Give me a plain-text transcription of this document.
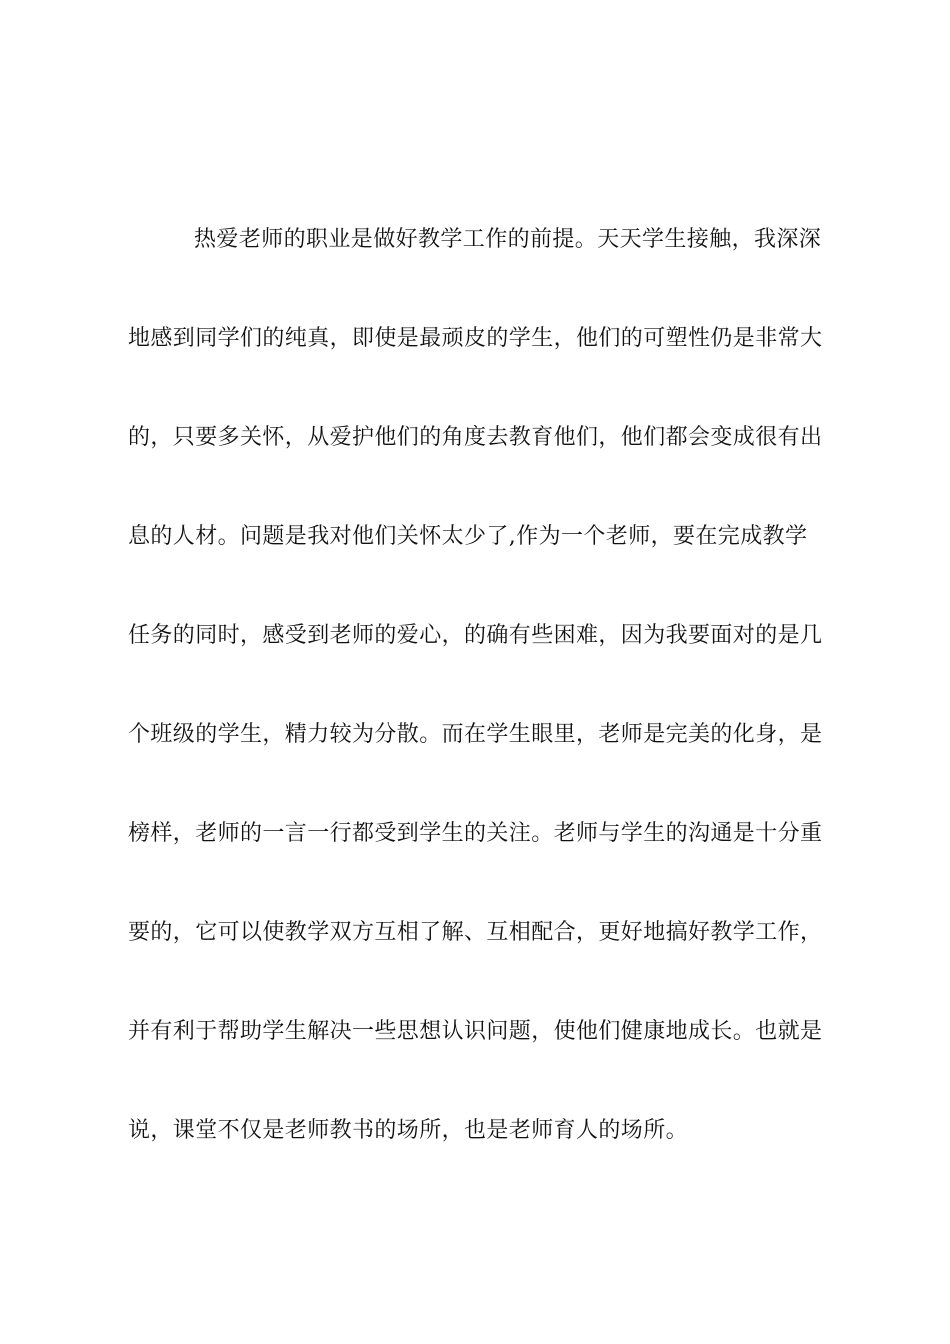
热爱老师的职业是做好教学工作的前提。天天学生接触，我深深
地感到同学们的纯真，即使是最顽皮的学生，他们的可塑性仍是非常大
的，只要多关怀，从爱护他们的角度去教育他们，他们都会变成很有出
息的人材。问题是我对他们关怀太少了,作为一个老师，要在完成教学
任务的同时，感受到老师的爱心，的确有些困难，因为我要面对的是几
个班级的学生，精力较为分散。而在学生眼里，老师是完美的化身，是
榜样，老师的一言一行都受到学生的关注。老师与学生的沟通是十分重
要的，它可以使教学双方互相了解、互相配合，更好地搞好教学工作，
并有利于帮助学生解决一些思想认识问题，使他们健康地成长。也就是
说，课堂不仅是老师教书的场所，也是老师育人的场所。
